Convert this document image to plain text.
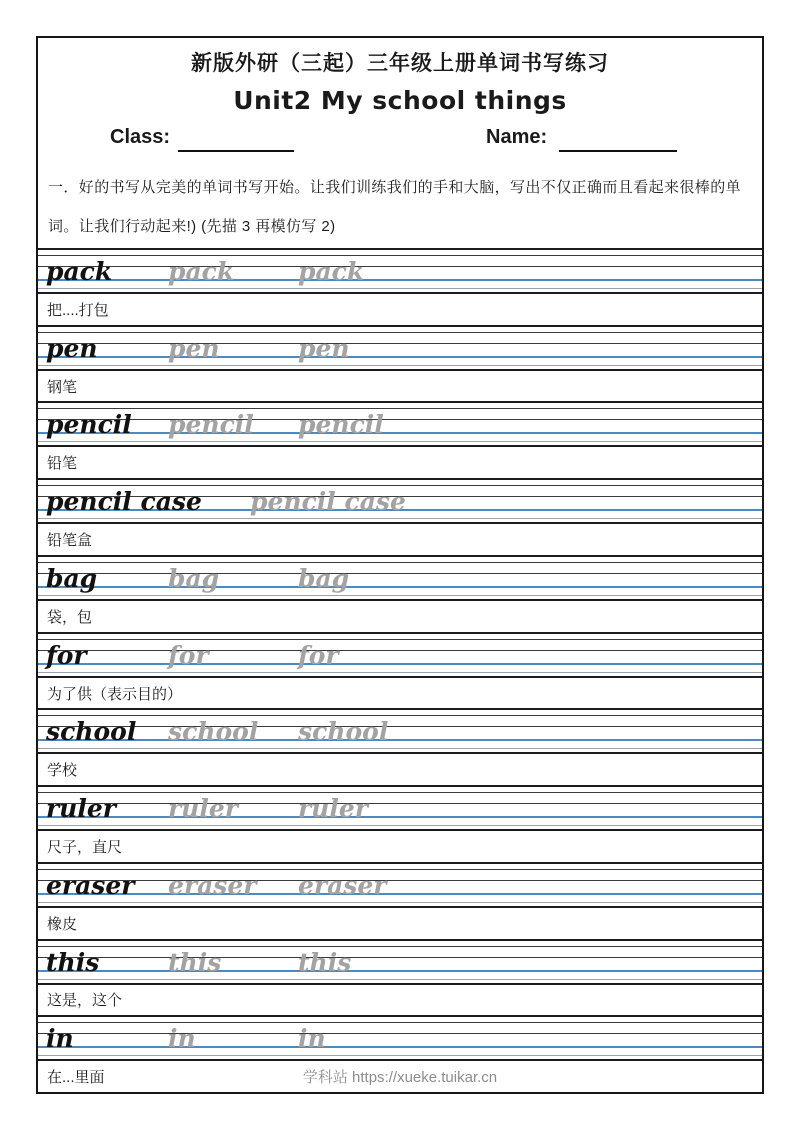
新版外研（三起）三年级上册单词书写练习
Unit2 My school things
Class:	Name:
一．好的书写从完美的单词书写开始。让我们训练我们的手和大脑，写出不仅正确而且看起来很棒的单词。让我们行动起来!) (先描 3 再模仿写 2)
pack pack	pack
把....打包
pen	pen	pen
钢笔
pencil pencil pencil
铅笔
pencil case pencil case
铅笔盒
bag	bag	bag
袋，包
for	for	for
为了供（表示目的）
school school school
学校
ruler ruler ruler
尺子，直尺
eraser eraser eraser
橡皮
this	this	this
这是，这个
in	in	in
在...里面	学科站 https://xueke.tuikar.cn
